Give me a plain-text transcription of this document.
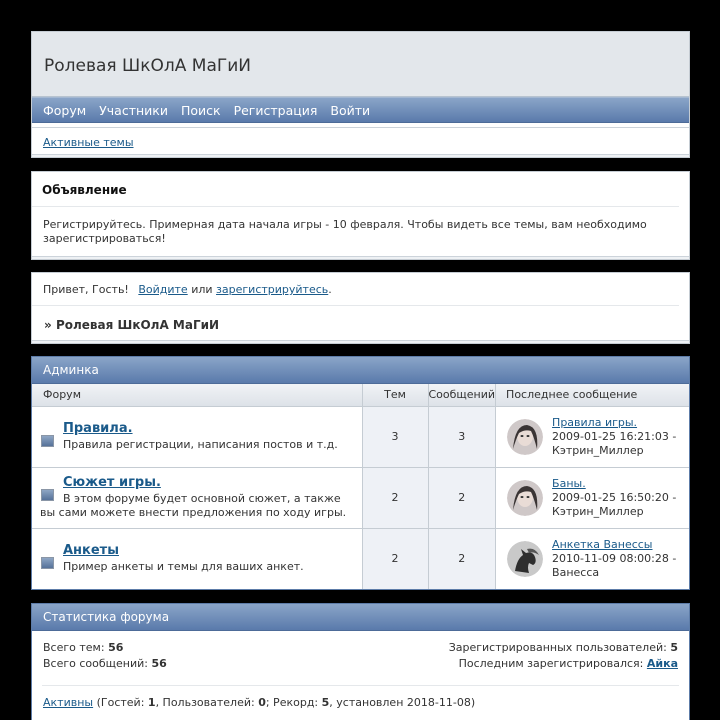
Ролевая ШкОлА МаГиИ
Форум Участники Поиск Регистрация Войти
Активные темы
Объявление

Регистрируйтесь. Примерная дата начала игры - 10 февраля. Чтобы видеть все темы, вам необходимо зарегистрироваться!

Привет, Гость! Войдите или зарегистрируйтесь.
» Ролевая ШкОлА МаГиИ
Админка
Форум	Тем	Сообщений	Последнее сообщение

Правила.
Правила регистрации, написания постов и т.д.	3	3	Правила игры.
2009-01-25 16:21:03 -
Кэтрин_Миллер

Сюжет игры.
В этом форуме будет основной сюжет, а также вы сами можете внести предложения по ходу игры.	2	2	Баны.
2009-01-25 16:50:20 -
Кэтрин_Миллер

Анкеты
Пример анкеты и темы для ваших анкет.	2	2	Анкетка Ванессы
2010-11-09 08:00:28 -
Ванесса
Статистика форума
Всего тем: 56
Всего сообщений: 56
Зарегистрированных пользователей: 5
Последним зарегистрировался: Айка
Активны (Гостей: 1, Пользователей: 0; Рекорд: 5, установлен 2018-11-08)
